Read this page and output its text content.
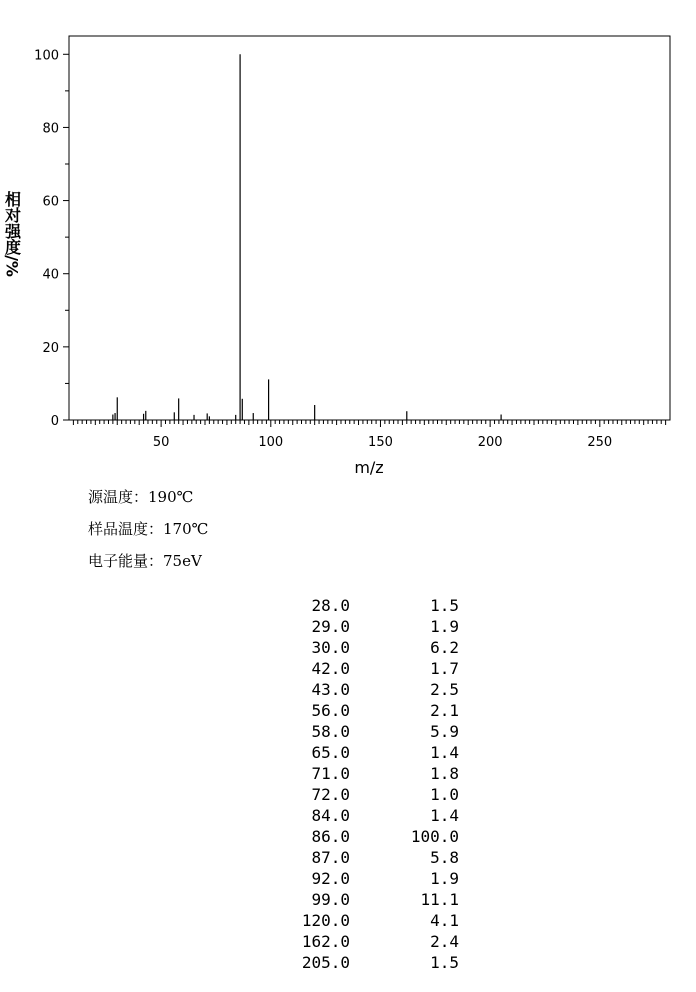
50	100	150	200	250
0
20
40
60
80
100
m/z
相对强度/%
源温度：190℃
样品温度：170℃
电子能量：75eV
28.0	1.5
29.0	1.9
30.0	6.2
42.0	1.7
43.0	2.5
56.0	2.1
58.0	5.9
65.0	1.4
71.0	1.8
72.0	1.0
84.0	1.4
86.0	100.0
87.0	5.8
92.0	1.9
99.0	11.1
120.0	4.1
162.0	2.4
205.0	1.5
